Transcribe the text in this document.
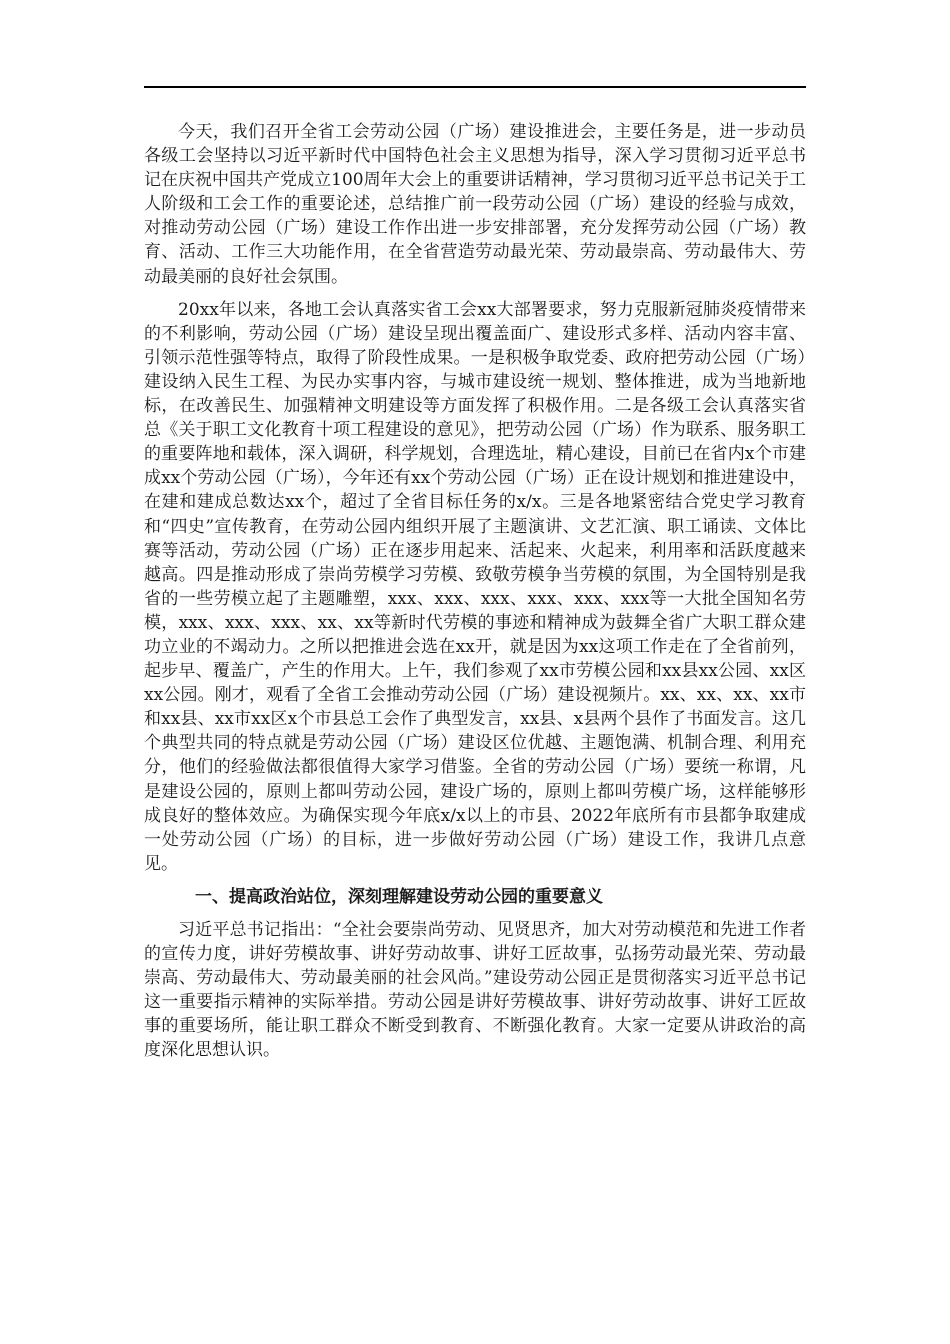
今天，我们召开全省工会劳动公园（广场）建设推进会，主要任务是，进一步动员各级工会坚持以习近平新时代中国特色社会主义思想为指导，深入学习贯彻习近平总书记在庆祝中国共产党成立100周年大会上的重要讲话精神，学习贯彻习近平总书记关于工人阶级和工会工作的重要论述，总结推广前一段劳动公园（广场）建设的经验与成效，对推动劳动公园（广场）建设工作作出进一步安排部署，充分发挥劳动公园（广场）教育、活动、工作三大功能作用，在全省营造劳动最光荣、劳动最崇高、劳动最伟大、劳动最美丽的良好社会氛围。

20xx年以来，各地工会认真落实省工会xx大部署要求，努力克服新冠肺炎疫情带来的不利影响，劳动公园（广场）建设呈现出覆盖面广、建设形式多样、活动内容丰富、引领示范性强等特点，取得了阶段性成果。一是积极争取党委、政府把劳动公园（广场）建设纳入民生工程、为民办实事内容，与城市建设统一规划、整体推进，成为当地新地标，在改善民生、加强精神文明建设等方面发挥了积极作用。二是各级工会认真落实省总《关于职工文化教育十项工程建设的意见》，把劳动公园（广场）作为联系、服务职工的重要阵地和载体，深入调研，科学规划，合理选址，精心建设，目前已在省内x个市建成xx个劳动公园（广场），今年还有xx个劳动公园（广场）正在设计规划和推进建设中，在建和建成总数达xx个，超过了全省目标任务的x/x。三是各地紧密结合党史学习教育和“四史”宣传教育，在劳动公园内组织开展了主题演讲、文艺汇演、职工诵读、文体比赛等活动，劳动公园（广场）正在逐步用起来、活起来、火起来，利用率和活跃度越来越高。四是推动形成了崇尚劳模学习劳模、致敬劳模争当劳模的氛围，为全国特别是我省的一些劳模立起了主题雕塑，xxx、xxx、xxx、xxx、xxx、xxx等一大批全国知名劳模，xxx、xxx、xxx、xx、xx等新时代劳模的事迹和精神成为鼓舞全省广大职工群众建功立业的不竭动力。之所以把推进会选在xx开，就是因为xx这项工作走在了全省前列，起步早、覆盖广，产生的作用大。上午，我们参观了xx市劳模公园和xx县xx公园、xx区xx公园。刚才，观看了全省工会推动劳动公园（广场）建设视频片。xx、xx、xx、xx市和xx县、xx市xx区x个市县总工会作了典型发言，xx县、x县两个县作了书面发言。这几个典型共同的特点就是劳动公园（广场）建设区位优越、主题饱满、机制合理、利用充分，他们的经验做法都很值得大家学习借鉴。全省的劳动公园（广场）要统一称谓，凡是建设公园的，原则上都叫劳动公园，建设广场的，原则上都叫劳模广场，这样能够形成良好的整体效应。为确保实现今年底x/x以上的市县、2022年底所有市县都争取建成一处劳动公园（广场）的目标，进一步做好劳动公园（广场）建设工作，我讲几点意见。

一、提高政治站位，深刻理解建设劳动公园的重要意义

习近平总书记指出：“全社会要崇尚劳动、见贤思齐，加大对劳动模范和先进工作者的宣传力度，讲好劳模故事、讲好劳动故事、讲好工匠故事，弘扬劳动最光荣、劳动最崇高、劳动最伟大、劳动最美丽的社会风尚。”建设劳动公园正是贯彻落实习近平总书记这一重要指示精神的实际举措。劳动公园是讲好劳模故事、讲好劳动故事、讲好工匠故事的重要场所，能让职工群众不断受到教育、不断强化教育。大家一定要从讲政治的高度深化思想认识。
